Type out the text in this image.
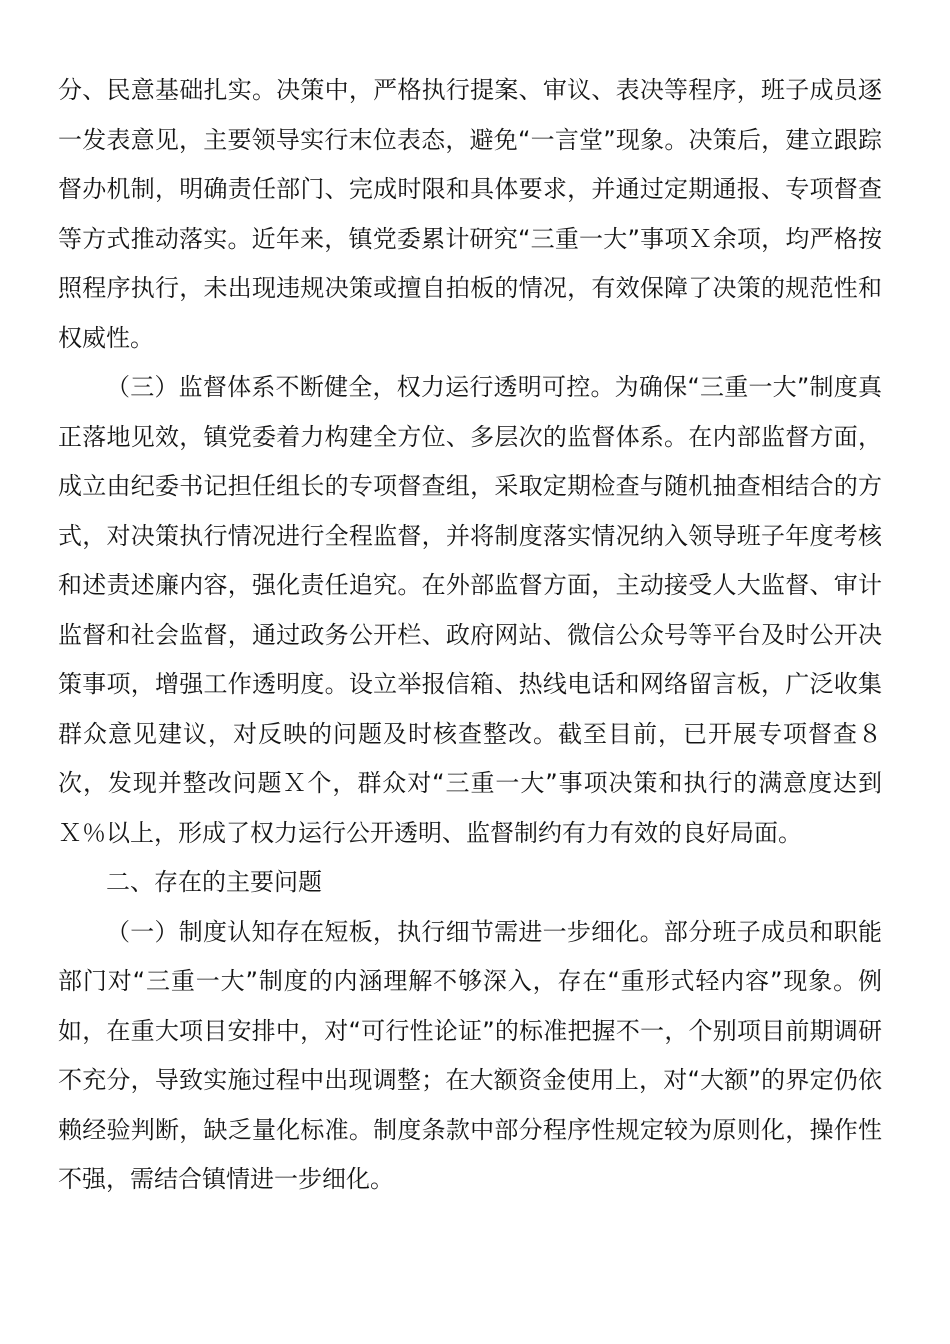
分、民意基础扎实。决策中，严格执行提案、审议、表决等程序，班子成员逐一发表意见，主要领导实行末位表态，避免“一言堂”现象。决策后，建立跟踪督办机制，明确责任部门、完成时限和具体要求，并通过定期通报、专项督查等方式推动落实。近年来，镇党委累计研究“三重一大”事项Ｘ余项，均严格按照程序执行，未出现违规决策或擅自拍板的情况，有效保障了决策的规范性和权威性。

（三）监督体系不断健全，权力运行透明可控。为确保“三重一大”制度真正落地见效，镇党委着力构建全方位、多层次的监督体系。在内部监督方面，成立由纪委书记担任组长的专项督查组，采取定期检查与随机抽查相结合的方式，对决策执行情况进行全程监督，并将制度落实情况纳入领导班子年度考核和述责述廉内容，强化责任追究。在外部监督方面，主动接受人大监督、审计监督和社会监督，通过政务公开栏、政府网站、微信公众号等平台及时公开决策事项，增强工作透明度。设立举报信箱、热线电话和网络留言板，广泛收集群众意见建议，对反映的问题及时核查整改。截至目前，已开展专项督查８次，发现并整改问题Ｘ个，群众对“三重一大”事项决策和执行的满意度达到Ｘ％以上，形成了权力运行公开透明、监督制约有力有效的良好局面。

二、存在的主要问题

（一）制度认知存在短板，执行细节需进一步细化。部分班子成员和职能部门对“三重一大”制度的内涵理解不够深入，存在“重形式轻内容”现象。例如，在重大项目安排中，对“可行性论证”的标准把握不一，个别项目前期调研不充分，导致实施过程中出现调整；在大额资金使用上，对“大额”的界定仍依赖经验判断，缺乏量化标准。制度条款中部分程序性规定较为原则化，操作性不强，需结合镇情进一步细化。
